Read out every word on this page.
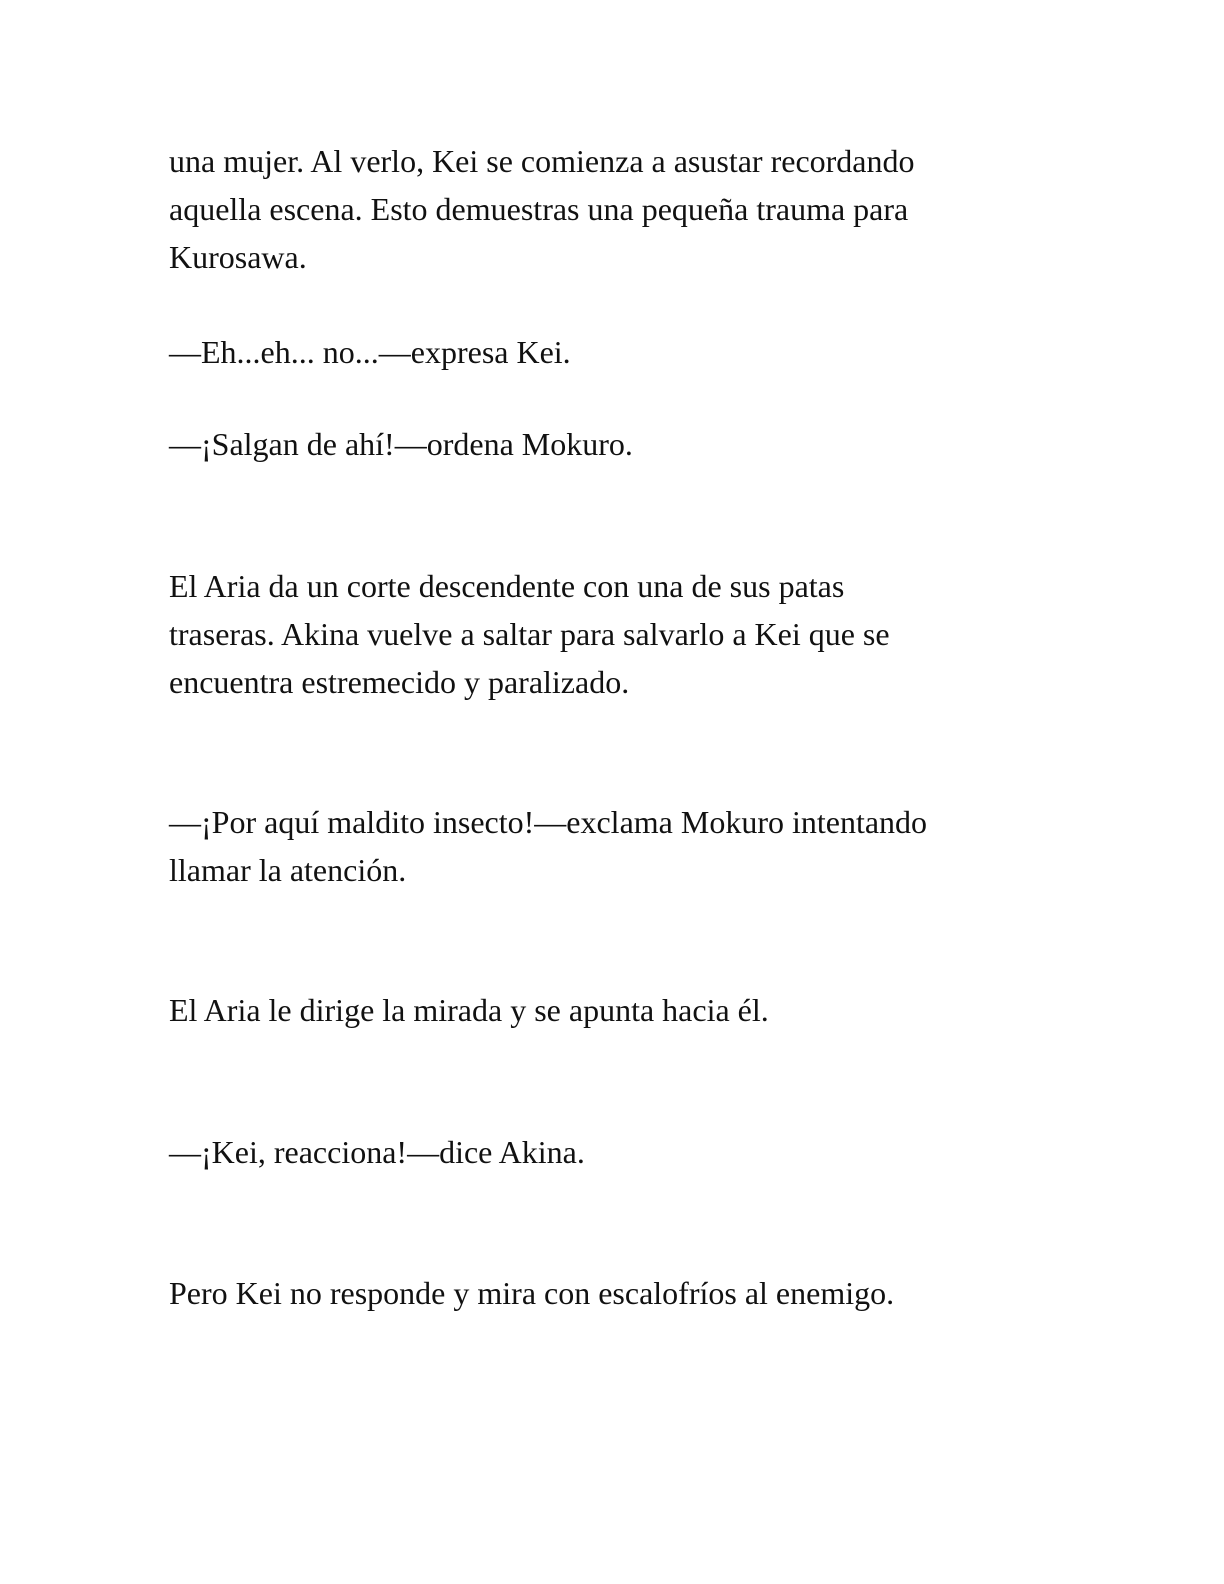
una mujer. Al verlo, Kei se comienza a asustar recordando
aquella escena. Esto demuestras una pequeña trauma para
Kurosawa.

—Eh...eh... no...—expresa Kei.

—¡Salgan de ahí!—ordena Mokuro.

El Aria da un corte descendente con una de sus patas
traseras. Akina vuelve a saltar para salvarlo a Kei que se
encuentra estremecido y paralizado.

—¡Por aquí maldito insecto!—exclama Mokuro intentando
llamar la atención.

El Aria le dirige la mirada y se apunta hacia él.

—¡Kei, reacciona!—dice Akina.

Pero Kei no responde y mira con escalofríos al enemigo.
